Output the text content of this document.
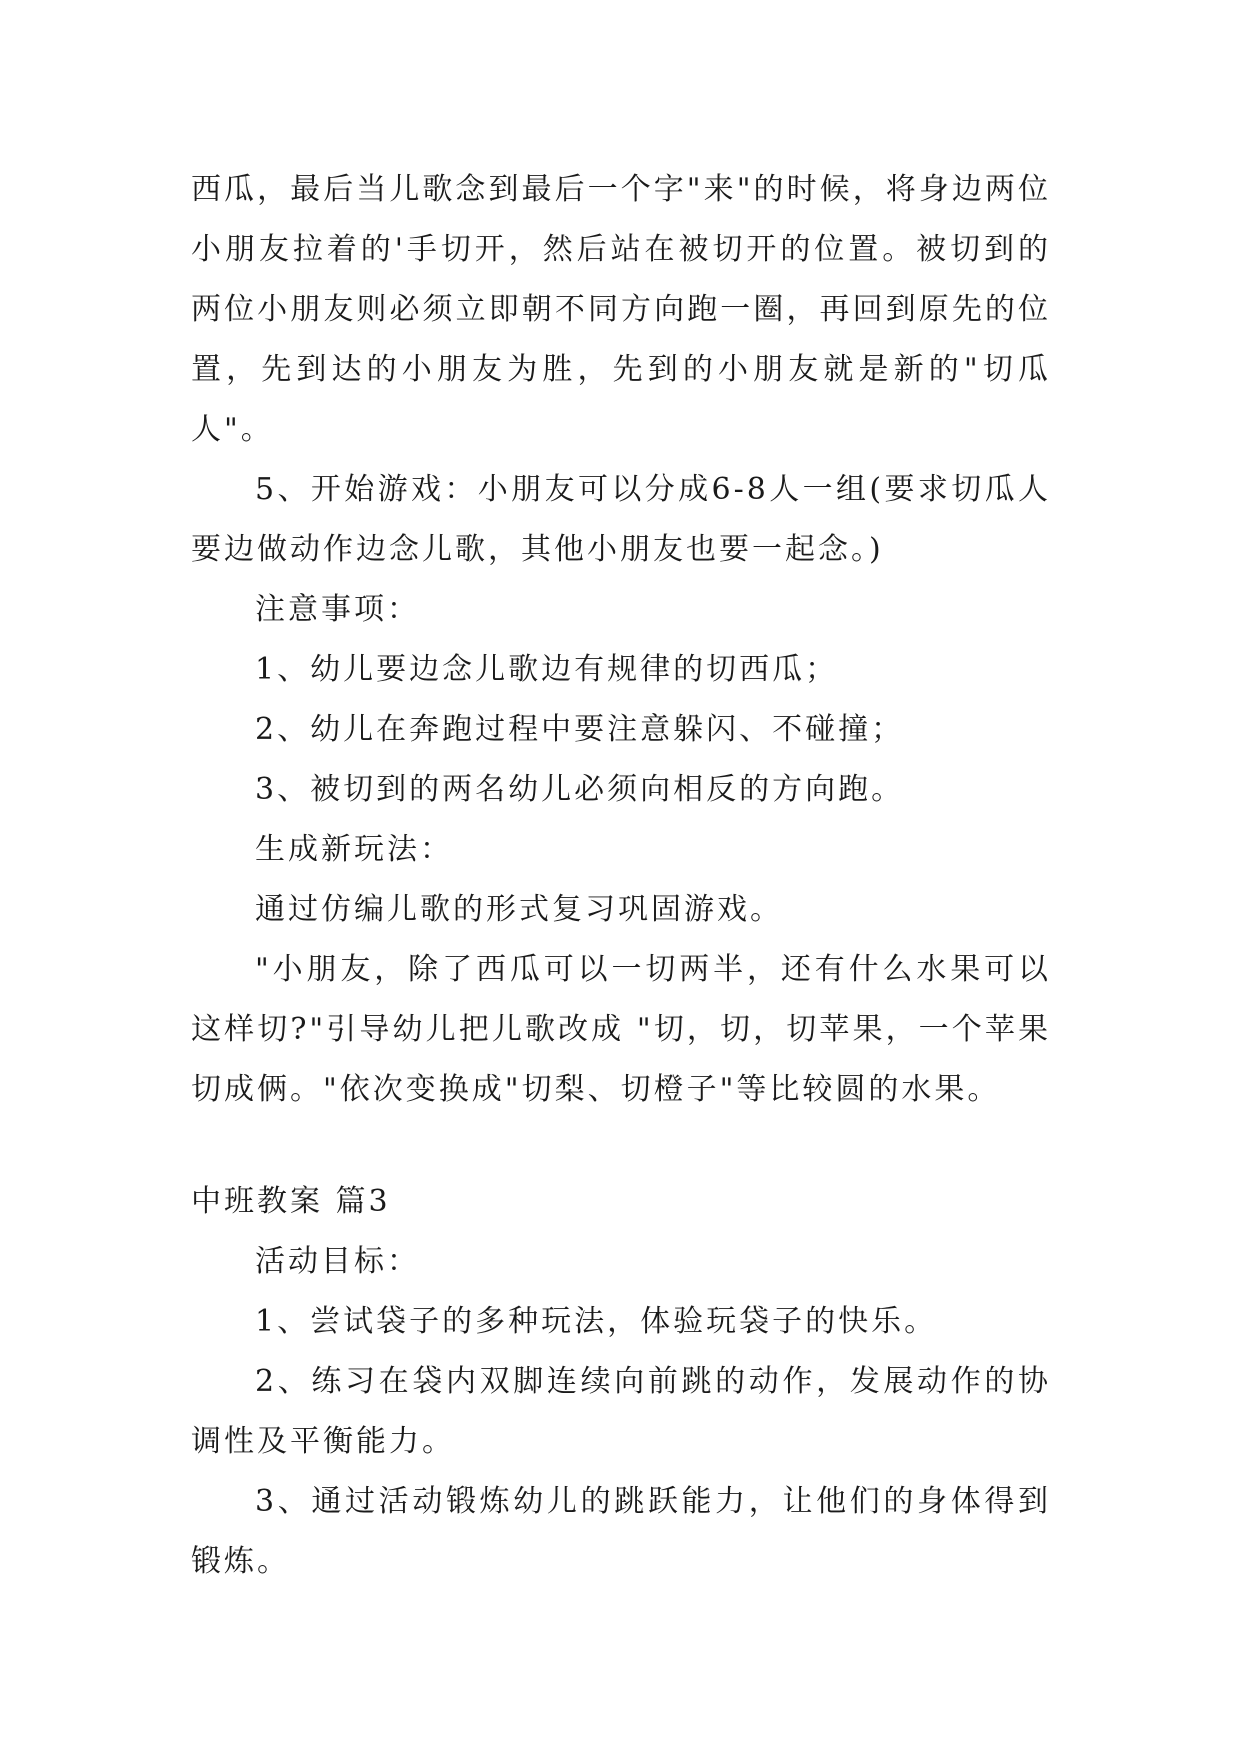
西瓜，最后当儿歌念到最后一个字"来"的时候，将身边两位小朋友拉着的'手切开，然后站在被切开的位置。被切到的两位小朋友则必须立即朝不同方向跑一圈，再回到原先的位置，先到达的小朋友为胜，先到的小朋友就是新的"切瓜人"。

5、开始游戏：小朋友可以分成6-8人一组(要求切瓜人要边做动作边念儿歌，其他小朋友也要一起念。)

注意事项：

1、幼儿要边念儿歌边有规律的切西瓜；

2、幼儿在奔跑过程中要注意躲闪、不碰撞；

3、被切到的两名幼儿必须向相反的方向跑。

生成新玩法：

通过仿编儿歌的形式复习巩固游戏。

"小朋友，除了西瓜可以一切两半，还有什么水果可以这样切?"引导幼儿把儿歌改成 "切，切，切苹果，一个苹果切成俩。"依次变换成"切梨、切橙子"等比较圆的水果。

中班教案 篇3

活动目标：

1、尝试袋子的多种玩法，体验玩袋子的快乐。

2、练习在袋内双脚连续向前跳的动作，发展动作的协调性及平衡能力。

3、通过活动锻炼幼儿的跳跃能力，让他们的身体得到锻炼。
